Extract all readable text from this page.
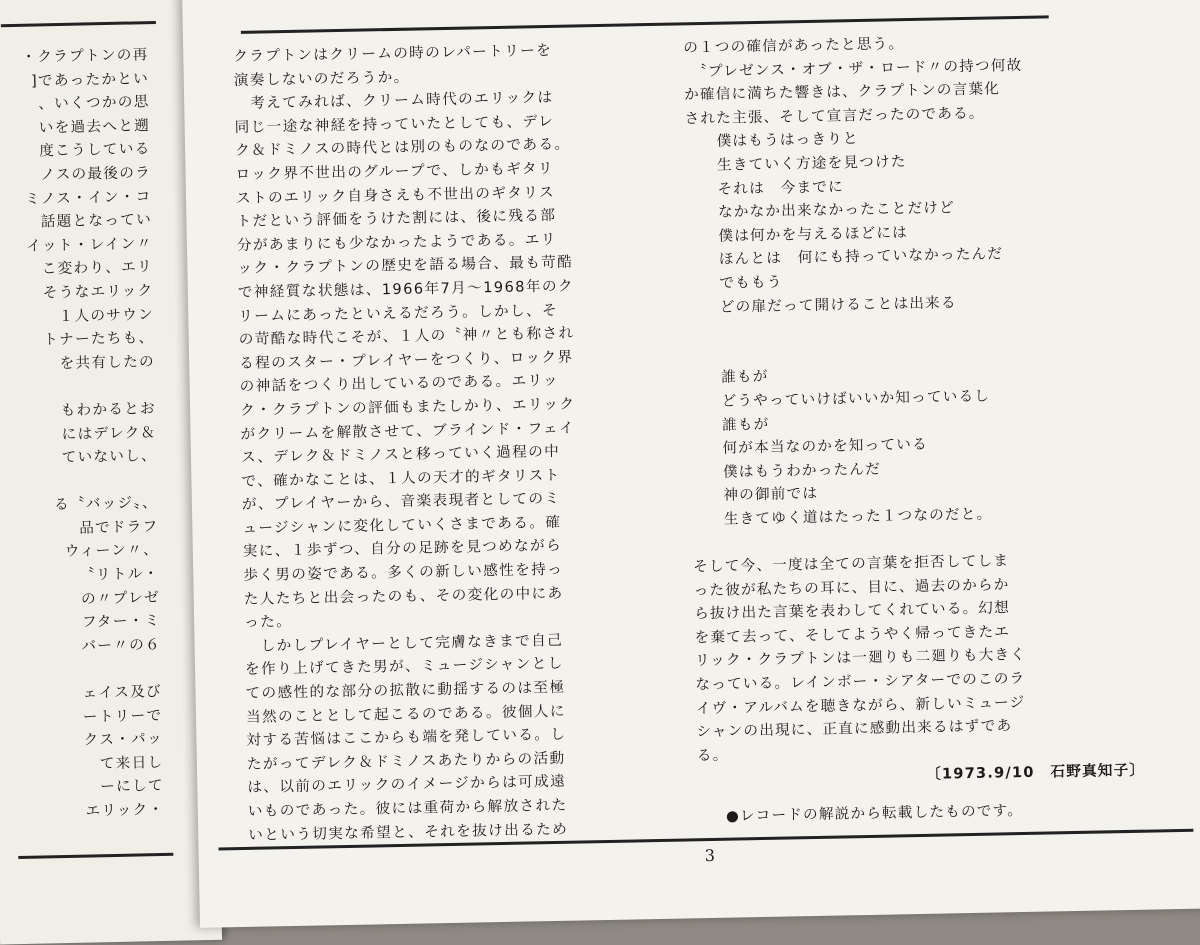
・クラプトンの再
]であったかとい
、いくつかの思
いを過去へと遡
度こうしている
ノスの最後のラ
ミノス・イン・コ
話題となってい
イット・レイン〃
こ変わり、エリ
そうなエリック
１人のサウン
トナーたちも、
を共有したの
もわかるとお
にはデレク＆
ていないし、
る〝バッジ〟、
品でドラフ
ウィーン〃、
〝リトル・
の〃プレゼ
フター・ミ
バー〃の６
ェイス及び
ートリーで
クス・パッ
て来日し
ーにして
エリック・
クラプトンはクリームの時のレパートリーを
演奏しないのだろうか。
　考えてみれば、クリーム時代のエリックは
同じ一途な神経を持っていたとしても、デレ
ク＆ドミノスの時代とは別のものなのである。
ロック界不世出のグループで、しかもギタリ
ストのエリック自身さえも不世出のギタリス
トだという評価をうけた割には、後に残る部
分があまりにも少なかったようである。エリ
ック・クラプトンの歴史を語る場合、最も苛酷
で神経質な状態は、1966年7月～1968年のク
リームにあったといえるだろう。しかし、そ
の苛酷な時代こそが、１人の〝神〃とも称され
る程のスター・プレイヤーをつくり、ロック界
の神話をつくり出しているのである。エリッ
ク・クラプトンの評価もまたしかり、エリック
がクリームを解散させて、ブラインド・フェイ
ス、デレク＆ドミノスと移っていく過程の中
で、確かなことは、１人の天才的ギタリスト
が、プレイヤーから、音楽表現者としてのミ
ュージシャンに変化していくさまである。確
実に、１歩ずつ、自分の足跡を見つめながら
歩く男の姿である。多くの新しい感性を持っ
た人たちと出会ったのも、その変化の中にあ
った。
　しかしプレイヤーとして完膚なきまで自己
を作り上げてきた男が、ミュージシャンとし
ての感性的な部分の拡散に動揺するのは至極
当然のこととして起こるのである。彼個人に
対する苦悩はここからも端を発している。し
たがってデレク＆ドミノスあたりからの活動
は、以前のエリックのイメージからは可成遠
いものであった。彼には重荷から解放された
いという切実な希望と、それを抜け出るため
の１つの確信があったと思う。
　〝プレゼンス・オブ・ザ・ロード〃の持つ何故
か確信に満ちた響きは、クラプトンの言葉化
された主張、そして宣言だったのである。
　　僕はもうはっきりと
　　生きていく方途を見つけた
　　それは　今までに
　　なかなか出来なかったことだけど
　　僕は何かを与えるほどには
　　ほんとは　何にも持っていなかったんだ
　　でももう
　　どの扉だって開けることは出来る
　　誰もが
　　どうやっていけばいいか知っているし
　　誰もが
　　何が本当なのかを知っている
　　僕はもうわかったんだ
　　神の御前では
　　生きてゆく道はたった１つなのだと。
そして今、一度は全ての言葉を拒否してしま
った彼が私たちの耳に、目に、過去のからか
ら抜け出た言葉を表わしてくれている。幻想
を棄て去って、そしてようやく帰ってきたエ
リック・クラプトンは一廻りも二廻りも大きく
なっている。レインボー・シアターでのこのラ
イヴ・アルバムを聴きながら、新しいミュージ
シャンの出現に、正直に感動出来るはずであ
る。
〔1973.9/10　石野真知子〕
●レコードの解説から転載したものです。
3
